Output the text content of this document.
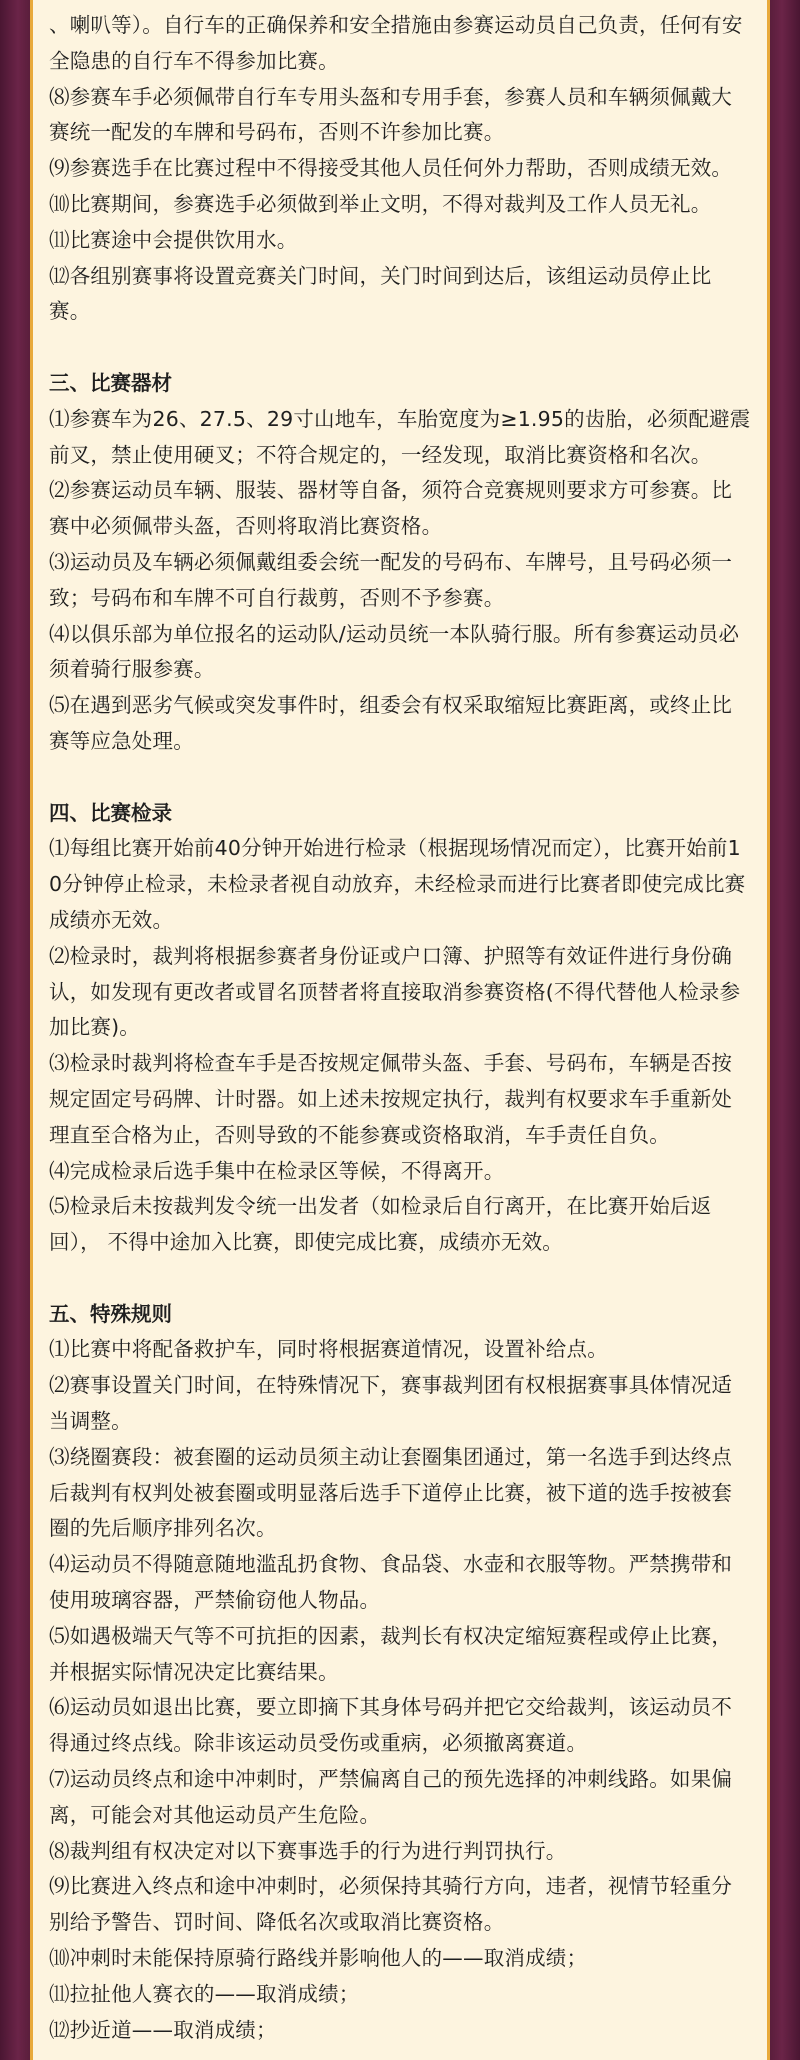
、喇叭等）。自行车的正确保养和安全措施由参赛运动员自己负责，任何有安全隐患的自行车不得参加比赛。

⑻参赛车手必须佩带自行车专用头盔和专用手套，参赛人员和车辆须佩戴大赛统一配发的车牌和号码布，否则不许参加比赛。

⑼参赛选手在比赛过程中不得接受其他人员任何外力帮助，否则成绩无效。

⑽比赛期间，参赛选手必须做到举止文明，不得对裁判及工作人员无礼。

⑾比赛途中会提供饮用水。

⑿各组别赛事将设置竞赛关门时间，关门时间到达后，该组运动员停止比赛。

三、比赛器材

⑴参赛车为26、27.5、29寸山地车，车胎宽度为≥1.95的齿胎，必须配避震前叉，禁止使用硬叉；不符合规定的，一经发现，取消比赛资格和名次。

⑵参赛运动员车辆、服装、器材等自备，须符合竞赛规则要求方可参赛。比赛中必须佩带头盔，否则将取消比赛资格。

⑶运动员及车辆必须佩戴组委会统一配发的号码布、车牌号，且号码必须一致；号码布和车牌不可自行裁剪，否则不予参赛。

⑷以俱乐部为单位报名的运动队/运动员统一本队骑行服。所有参赛运动员必须着骑行服参赛。

⑸在遇到恶劣气候或突发事件时，组委会有权采取缩短比赛距离，或终止比赛等应急处理。

四、比赛检录

⑴每组比赛开始前40分钟开始进行检录（根据现场情况而定），比赛开始前10分钟停止检录，未检录者视自动放弃，未经检录而进行比赛者即使完成比赛成绩亦无效。

⑵检录时，裁判将根据参赛者身份证或户口簿、护照等有效证件进行身份确认，如发现有更改者或冒名顶替者将直接取消参赛资格(不得代替他人检录参加比赛)。

⑶检录时裁判将检查车手是否按规定佩带头盔、手套、号码布，车辆是否按规定固定号码牌、计时器。如上述未按规定执行，裁判有权要求车手重新处理直至合格为止，否则导致的不能参赛或资格取消，车手责任自负。

⑷完成检录后选手集中在检录区等候，不得离开。

⑸检录后未按裁判发令统一出发者（如检录后自行离开，在比赛开始后返回）， 不得中途加入比赛，即使完成比赛，成绩亦无效。

五、特殊规则

⑴比赛中将配备救护车，同时将根据赛道情况，设置补给点。

⑵赛事设置关门时间，在特殊情况下，赛事裁判团有权根据赛事具体情况适当调整。

⑶绕圈赛段：被套圈的运动员须主动让套圈集团通过，第一名选手到达终点后裁判有权判处被套圈或明显落后选手下道停止比赛，被下道的选手按被套圈的先后顺序排列名次。

⑷运动员不得随意随地滥乱扔食物、食品袋、水壶和衣服等物。严禁携带和使用玻璃容器，严禁偷窃他人物品。

⑸如遇极端天气等不可抗拒的因素，裁判长有权决定缩短赛程或停止比赛，并根据实际情况决定比赛结果。

⑹运动员如退出比赛，要立即摘下其身体号码并把它交给裁判，该运动员不得通过终点线。除非该运动员受伤或重病，必须撤离赛道。

⑺运动员终点和途中冲刺时，严禁偏离自己的预先选择的冲刺线路。如果偏离，可能会对其他运动员产生危险。

⑻裁判组有权决定对以下赛事选手的行为进行判罚执行。

⑼比赛进入终点和途中冲刺时，必须保持其骑行方向，违者，视情节轻重分别给予警告、罚时间、降低名次或取消比赛资格。

⑽冲刺时未能保持原骑行路线并影响他人的——取消成绩；

⑾拉扯他人赛衣的——取消成绩；

⑿抄近道——取消成绩；
